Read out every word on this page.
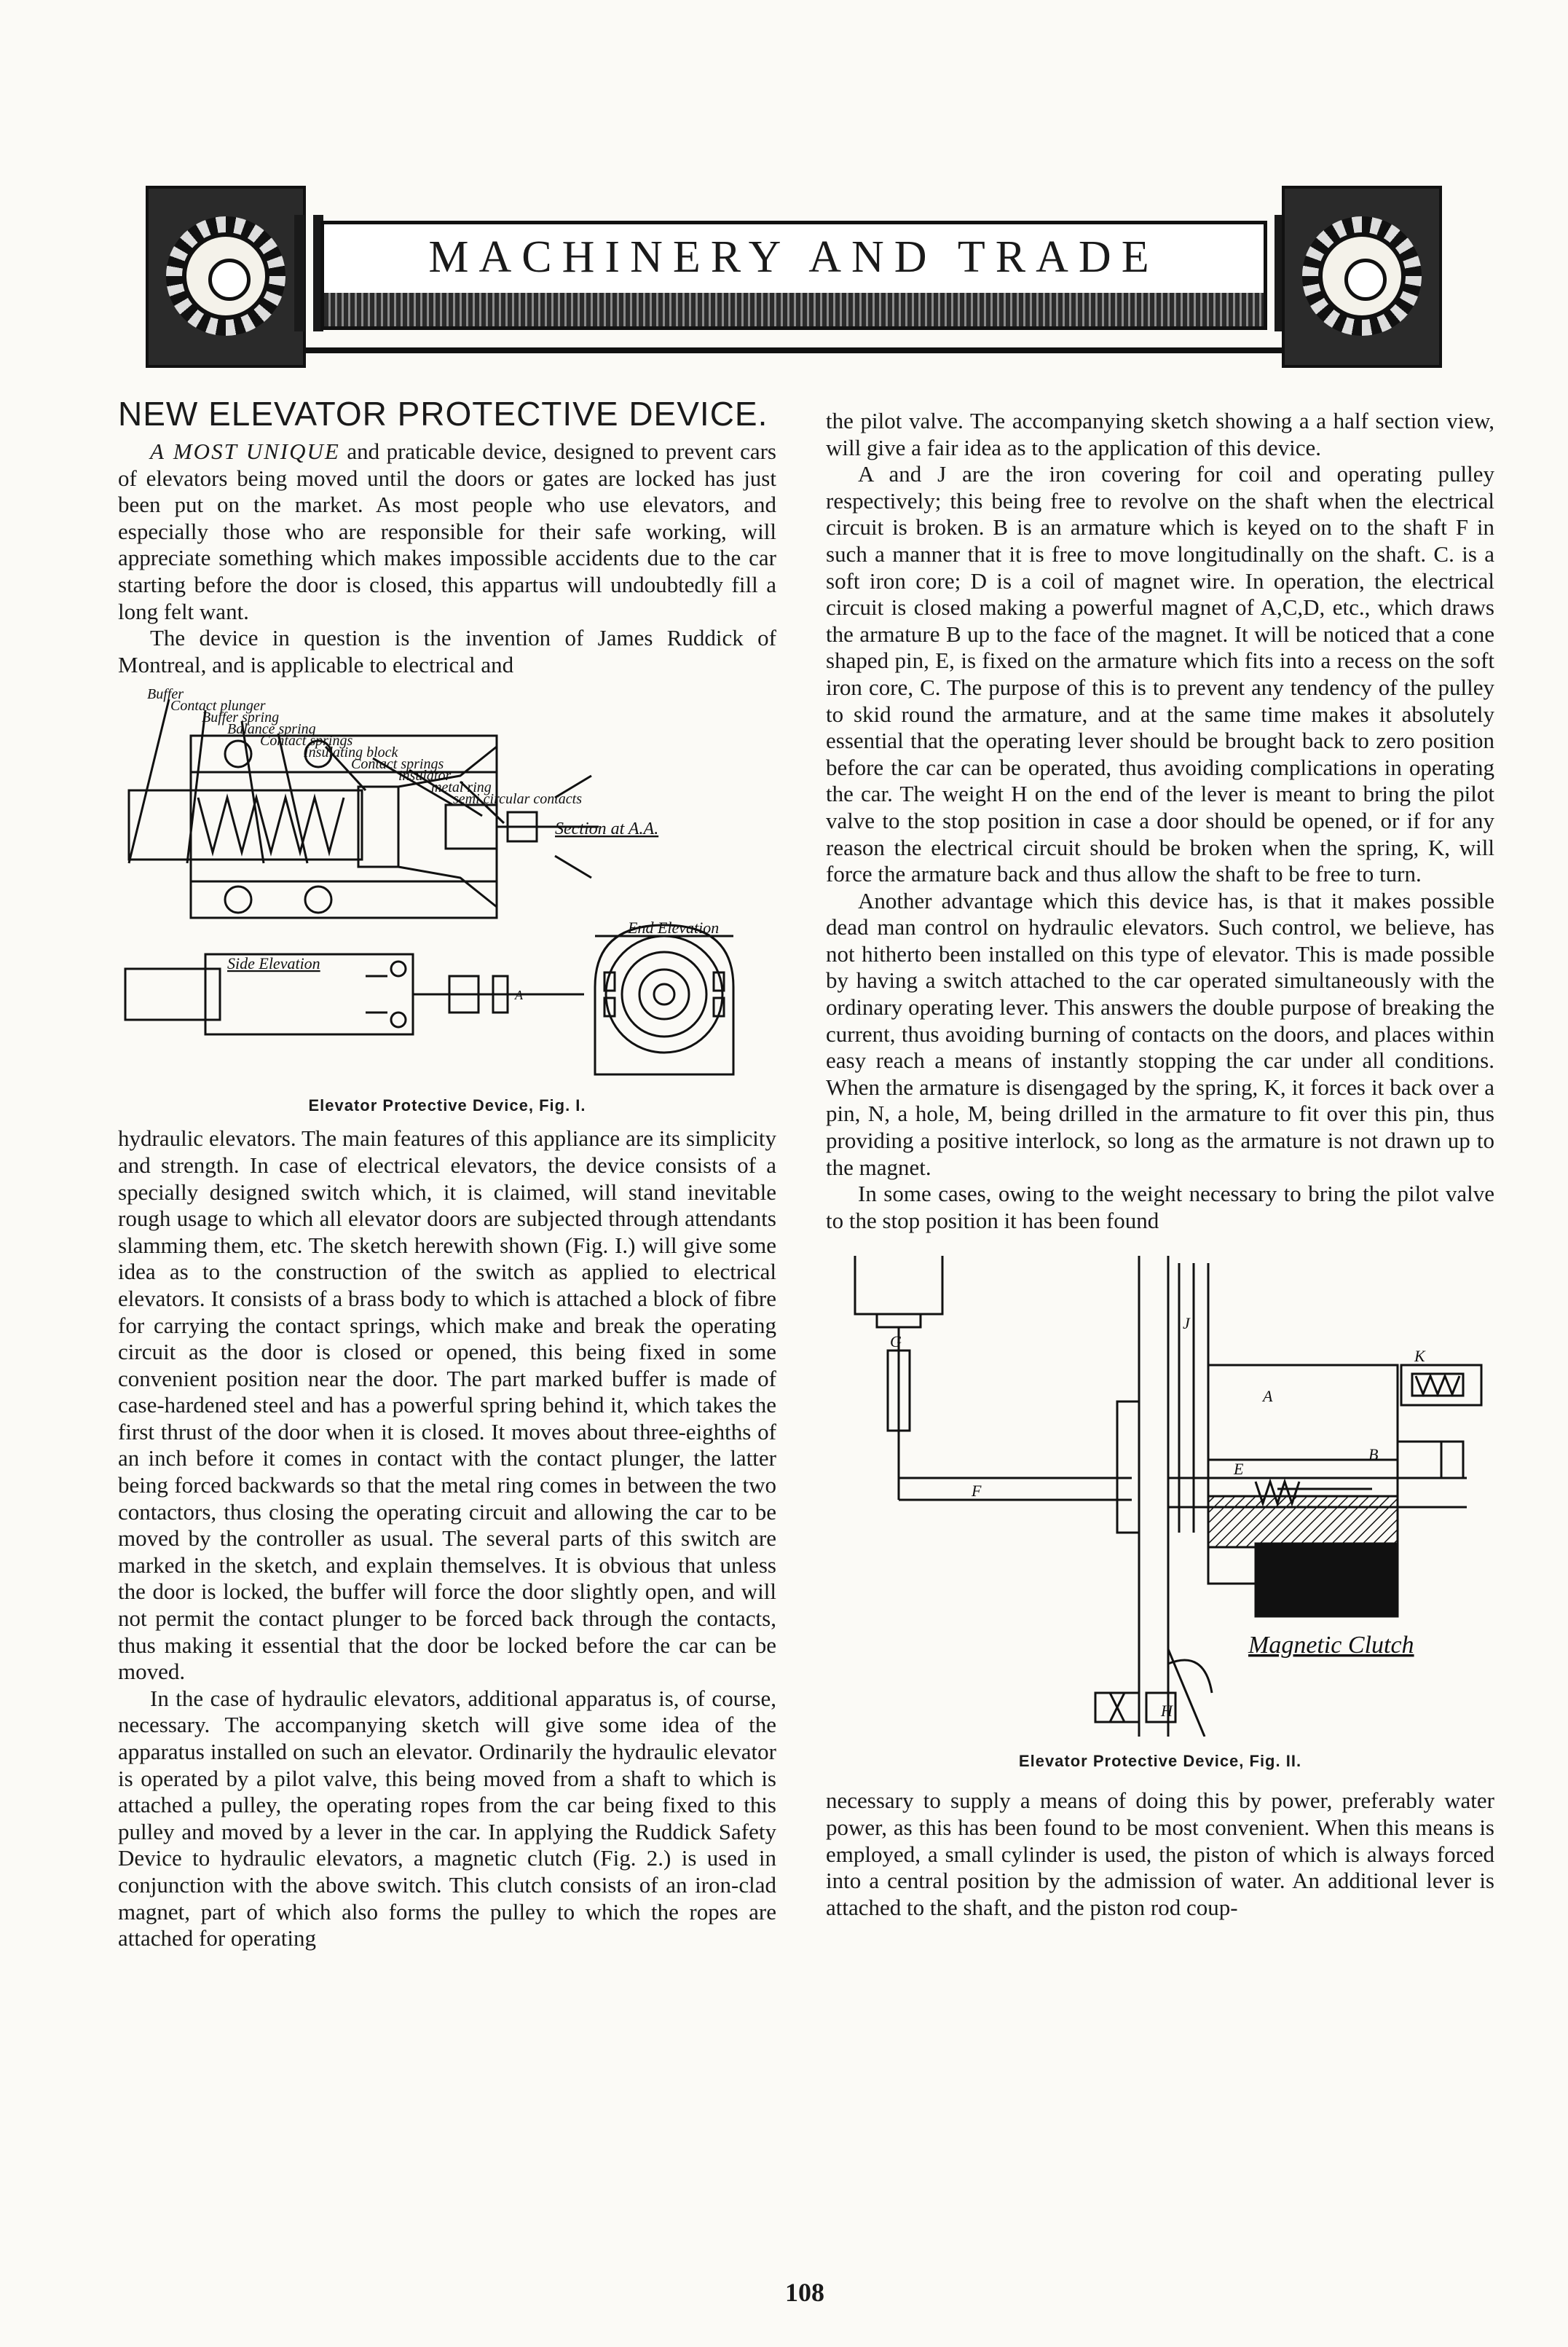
MACHINERY AND TRADE
NEW ELEVATOR PROTECTIVE DEVICE.

A MOST UNIQUE and praticable device, designed to prevent cars of elevators being moved until the doors or gates are locked has just been put on the market. As most people who use elevators, and especially those who are responsible for their safe working, will appreciate something which makes impossible accidents due to the car starting before the door is closed, this appartus will undoubtedly fill a long felt want.

The device in question is the invention of James Ruddick of Montreal, and is applicable to electrical and

Buffer
Contact plunger
Buffer spring
Balance spring
Contact springs
Insulating block
Contact springs
insulator
metal ring
semi circular contacts
Section at A.A.
Side Elevation
End Elevation
A
Elevator Protective Device, Fig. I.

hydraulic elevators. The main features of this appliance are its simplicity and strength. In case of electrical elevators, the device consists of a specially designed switch which, it is claimed, will stand inevitable rough usage to which all elevator doors are subjected through attendants slamming them, etc. The sketch herewith shown (Fig. I.) will give some idea as to the construction of the switch as applied to electrical elevators. It consists of a brass body to which is attached a block of fibre for carrying the contact springs, which make and break the operating circuit as the door is closed or opened, this being fixed in some convenient position near the door. The part marked buffer is made of case-hardened steel and has a powerful spring behind it, which takes the first thrust of the door when it is closed. It moves about three-eighths of an inch before it comes in contact with the contact plunger, the latter being forced backwards so that the metal ring comes in between the two contactors, thus closing the operating circuit and allowing the car to be moved by the controller as usual. The several parts of this switch are marked in the sketch, and explain themselves. It is obvious that unless the door is locked, the buffer will force the door slightly open, and will not permit the contact plunger to be forced back through the contacts, thus making it essential that the door be locked before the car can be moved.

In the case of hydraulic elevators, additional apparatus is, of course, necessary. The accompanying sketch will give some idea of the apparatus installed on such an elevator. Ordinarily the hydraulic elevator is operated by a pilot valve, this being moved from a shaft to which is attached a pulley, the operating ropes from the car being fixed to this pulley and moved by a lever in the car. In applying the Ruddick Safety Device to hydraulic elevators, a magnetic clutch (Fig. 2.) is used in conjunction with the above switch. This clutch consists of an iron-clad magnet, part of which also forms the pulley to which the ropes are attached for operating

the pilot valve. The accompanying sketch showing a a half section view, will give a fair idea as to the application of this device.

A and J are the iron covering for coil and operating pulley respectively; this being free to revolve on the shaft when the electrical circuit is broken. B is an armature which is keyed on to the shaft F in such a manner that it is free to move longitudinally on the shaft. C. is a soft iron core; D is a coil of magnet wire. In operation, the electrical circuit is closed making a powerful magnet of A,C,D, etc., which draws the armature B up to the face of the magnet. It will be noticed that a cone shaped pin, E, is fixed on the armature which fits into a recess on the soft iron core, C. The purpose of this is to prevent any tendency of the pulley to skid round the armature, and at the same time makes it absolutely essential that the operating lever should be brought back to zero position before the car can be operated, thus avoiding complications in operating the car. The weight H on the end of the lever is meant to bring the pilot valve to the stop position in case a door should be opened, or if for any reason the electrical circuit should be broken when the spring, K, will force the armature back and thus allow the shaft to be free to turn.

Another advantage which this device has, is that it makes possible dead man control on hydraulic elevators. Such control, we believe, has not hitherto been installed on this type of elevator. This is made possible by having a switch attached to the car operated simultaneously with the ordinary operating lever. This answers the double purpose of breaking the current, thus avoiding burning of contacts on the doors, and places within easy reach a means of instantly stopping the car under all conditions. When the armature is disengaged by the spring, K, it forces it back over a pin, N, a hole, M, being drilled in the armature to fit over this pin, thus providing a positive interlock, so long as the armature is not drawn up to the magnet.

In some cases, owing to the weight necessary to bring the pilot valve to the stop position it has been found

A
B
F
H
J
G
K
E
Magnetic Clutch
Elevator Protective Device, Fig. II.

necessary to supply a means of doing this by power, preferably water power, as this has been found to be most convenient. When this means is employed, a small cylinder is used, the piston of which is always forced into a central position by the admission of water. An additional lever is attached to the shaft, and the piston rod coup-

108
